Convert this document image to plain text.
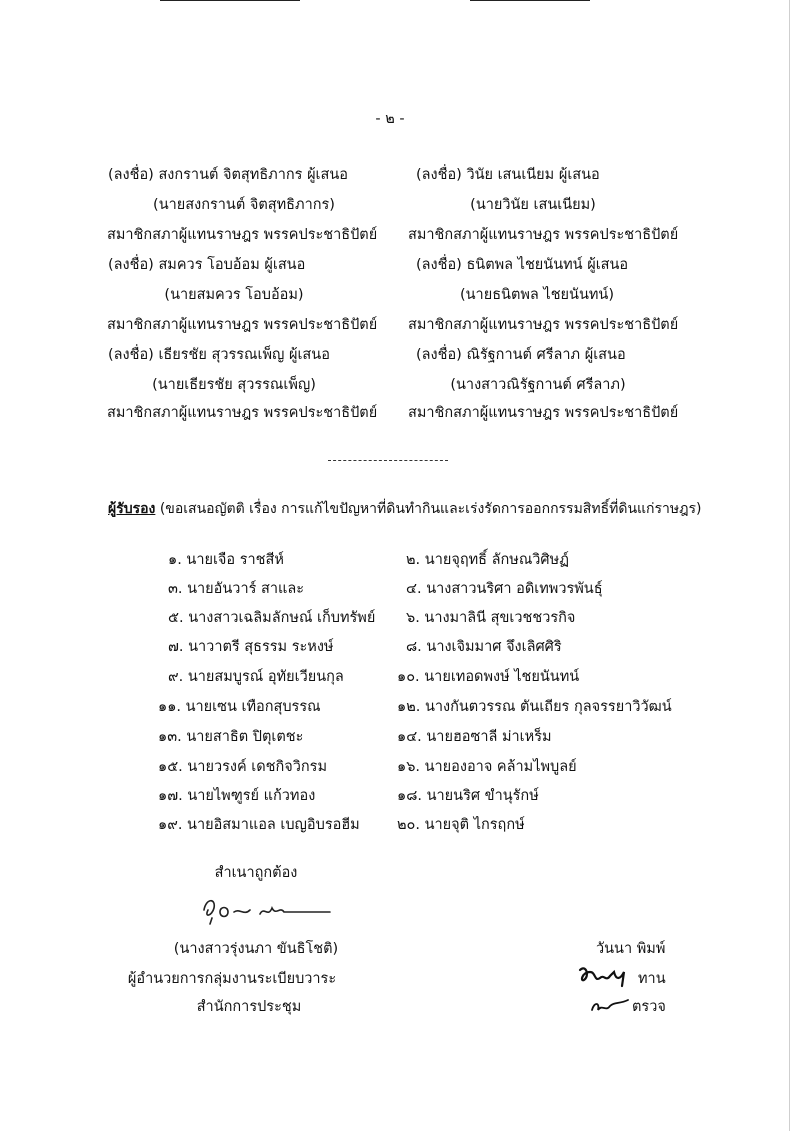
- ๒ -
(ลงชื่อ) สงกรานต์ จิตสุทธิภากร ผู้เสนอ
(นายสงกรานต์ จิตสุทธิภากร)
สมาชิกสภาผู้แทนราษฎร พรรคประชาธิปัตย์
(ลงชื่อ) สมควร โอบอ้อม ผู้เสนอ
(นายสมควร โอบอ้อม)
สมาชิกสภาผู้แทนราษฎร พรรคประชาธิปัตย์
(ลงชื่อ) เธียรชัย สุวรรณเพ็ญ ผู้เสนอ
(นายเธียรชัย สุวรรณเพ็ญ)
สมาชิกสภาผู้แทนราษฎร พรรคประชาธิปัตย์
(ลงชื่อ) วินัย เสนเนียม ผู้เสนอ
(นายวินัย เสนเนียม)
สมาชิกสภาผู้แทนราษฎร พรรคประชาธิปัตย์
(ลงชื่อ) ธนิตพล ไชยนันทน์ ผู้เสนอ
(นายธนิตพล ไชยนันทน์)
สมาชิกสภาผู้แทนราษฎร พรรคประชาธิปัตย์
(ลงชื่อ) ณิรัฐกานต์ ศรีลาภ ผู้เสนอ
(นางสาวณิรัฐกานต์ ศรีลาภ)
สมาชิกสภาผู้แทนราษฎร พรรคประชาธิปัตย์
ผู้รับรอง (ขอเสนอญัตติ เรื่อง การแก้ไขปัญหาที่ดินทำกินและเร่งรัดการออกกรรมสิทธิ์ที่ดินแก่ราษฎร)
๑. นายเจือ ราชสีห์
๓. นายอันวาร์ สาและ
๕. นางสาวเฉลิมลักษณ์ เก็บทรัพย์
๗. นาวาตรี สุธรรม ระหงษ์
๙. นายสมบูรณ์ อุทัยเวียนกุล
๑๑. นายเซน เทือกสุบรรณ
๑๓. นายสาธิต ปิตุเตชะ
๑๕. นายวรงค์ เดชกิจวิกรม
๑๗. นายไพฑูรย์ แก้วทอง
๑๙. นายอิสมาแอล เบญอิบรอฮีม
๒. นายจุฤทธิ์ ลักษณวิศิษฏ์
๔. นางสาวนริศา อดิเทพวรพันธุ์
๖. นางมาลินี สุขเวชชวรกิจ
๘. นางเจิมมาศ จึงเลิศศิริ
๑๐. นายเทอดพงษ์ ไชยนันทน์
๑๒. นางกันตวรรณ ตันเถียร กุลจรรยาวิวัฒน์
๑๔. นายฮอซาลี ม่าเหร็ม
๑๖. นายองอาจ คล้ามไพบูลย์
๑๘. นายนริศ ขำนุรักษ์
๒๐. นายจุติ ไกรฤกษ์
สำเนาถูกต้อง
(นางสาวรุ่งนภา ขันธิโชติ)
ผู้อำนวยการกลุ่มงานระเบียบวาระ
สำนักการประชุม
วันนา พิมพ์
ทาน
ตรวจ
